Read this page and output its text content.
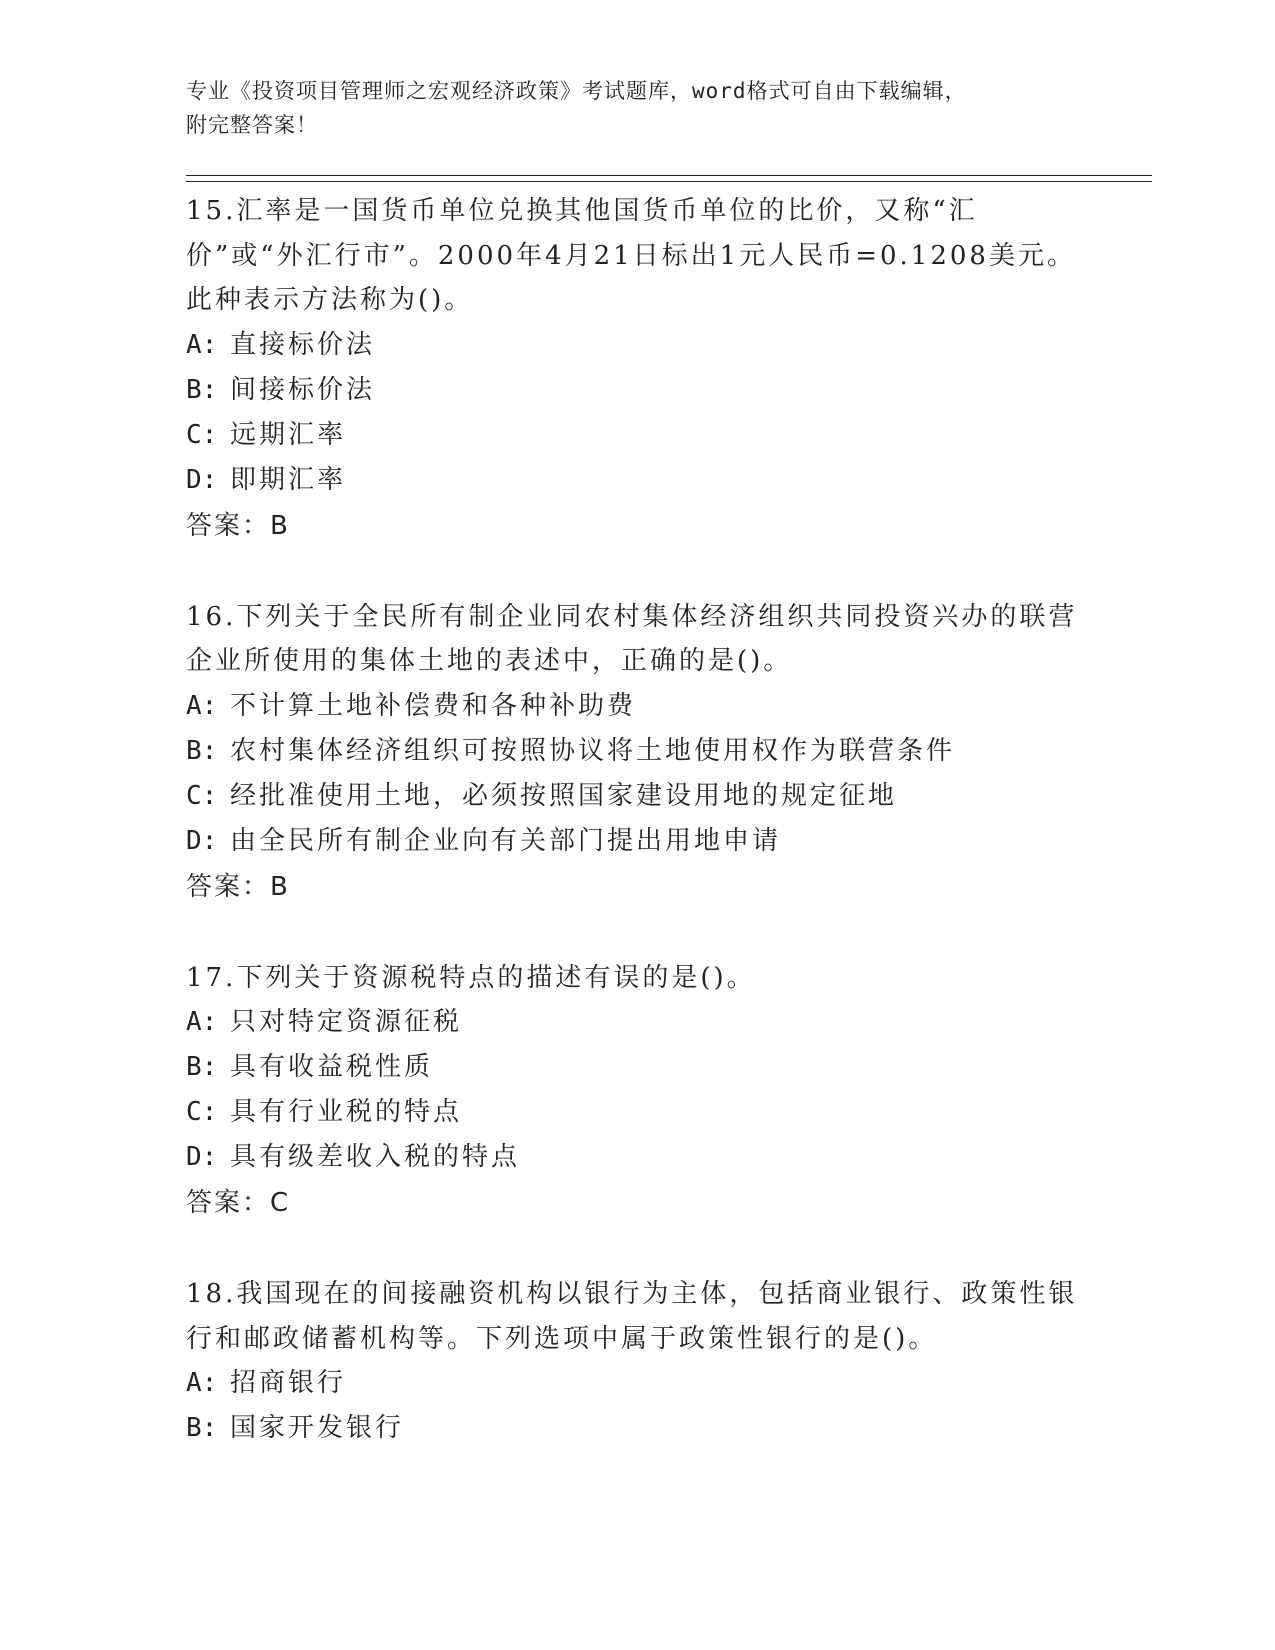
专业《投资项目管理师之宏观经济政策》考试题库，word格式可自由下载编辑，
附完整答案！

15.汇率是一国货币单位兑换其他国货币单位的比价，又称“汇价”或“外汇行市”。2000年4月21日标出1元人民币=0.1208美元。此种表示方法称为()。

A: 直接标价法

B: 间接标价法

C: 远期汇率

D: 即期汇率

答案：B

16.下列关于全民所有制企业同农村集体经济组织共同投资兴办的联营企业所使用的集体土地的表述中，正确的是()。

A: 不计算土地补偿费和各种补助费

B: 农村集体经济组织可按照协议将土地使用权作为联营条件

C: 经批准使用土地，必须按照国家建设用地的规定征地

D: 由全民所有制企业向有关部门提出用地申请

答案：B

17.下列关于资源税特点的描述有误的是()。

A: 只对特定资源征税

B: 具有收益税性质

C: 具有行业税的特点

D: 具有级差收入税的特点

答案：C

18.我国现在的间接融资机构以银行为主体，包括商业银行、政策性银行和邮政储蓄机构等。下列选项中属于政策性银行的是()。

A: 招商银行

B: 国家开发银行
